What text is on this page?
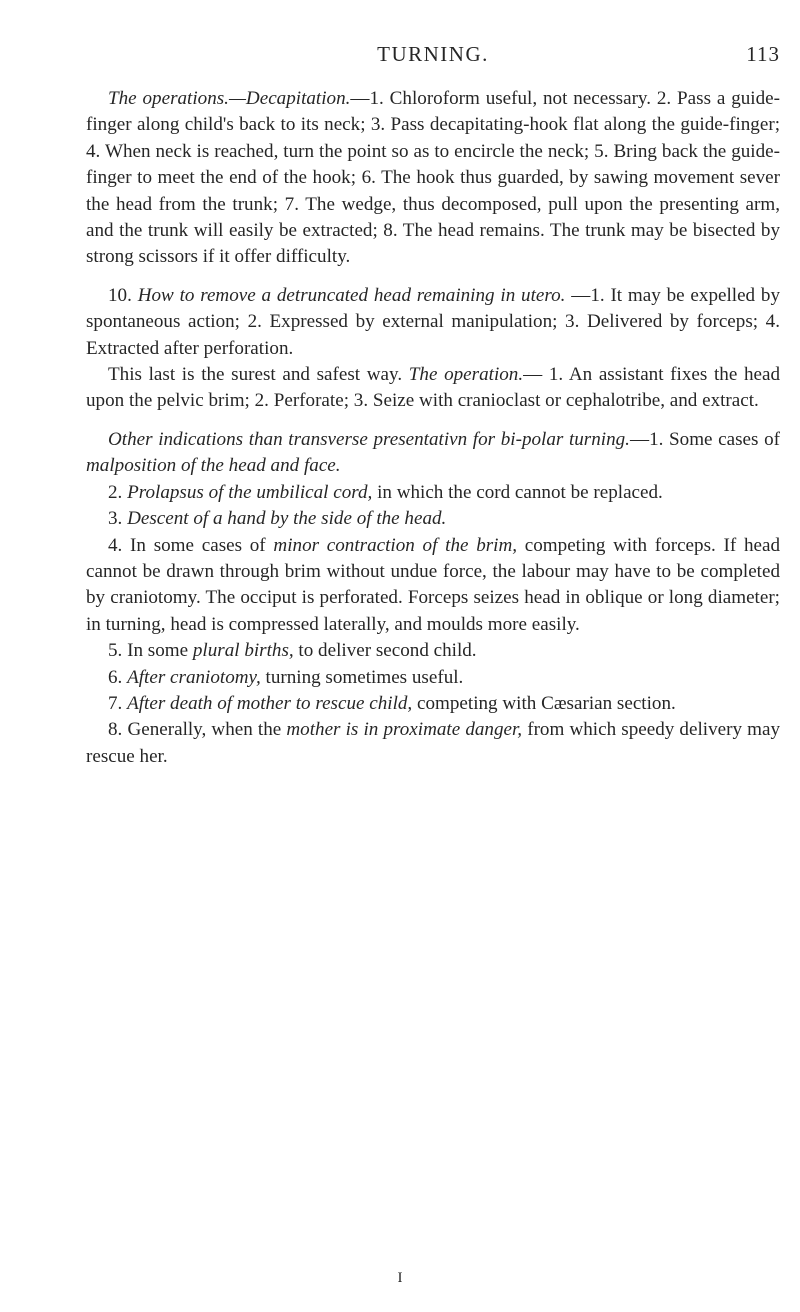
TURNING.	113

The operations.—Decapitation.—1. Chloroform useful, not necessary. 2. Pass a guide-finger along child's back to its neck; 3. Pass decapitating-hook flat along the guide-finger; 4. When neck is reached, turn the point so as to encircle the neck; 5. Bring back the guide-finger to meet the end of the hook; 6. The hook thus guarded, by sawing movement sever the head from the trunk; 7. The wedge, thus decomposed, pull upon the presenting arm, and the trunk will easily be extracted; 8. The head remains. The trunk may be bisected by strong scissors if it offer difficulty.

10. How to remove a detruncated head remaining in utero. —1. It may be expelled by spontaneous action; 2. Expressed by external manipulation; 3. Delivered by forceps; 4. Extracted after perforation.

This last is the surest and safest way. The operation.— 1. An assistant fixes the head upon the pelvic brim; 2. Perforate; 3. Seize with cranioclast or cephalotribe, and extract.

Other indications than transverse presentativn for bi-polar turning.—1. Some cases of malposition of the head and face.

2. Prolapsus of the umbilical cord, in which the cord cannot be replaced.

3. Descent of a hand by the side of the head.

4. In some cases of minor contraction of the brim, competing with forceps. If head cannot be drawn through brim without undue force, the labour may have to be completed by craniotomy. The occiput is perforated. Forceps seizes head in oblique or long diameter; in turning, head is compressed laterally, and moulds more easily.

5. In some plural births, to deliver second child.

6. After craniotomy, turning sometimes useful.

7. After death of mother to rescue child, competing with Cæsarian section.

8. Generally, when the mother is in proximate danger, from which speedy delivery may rescue her.

I
